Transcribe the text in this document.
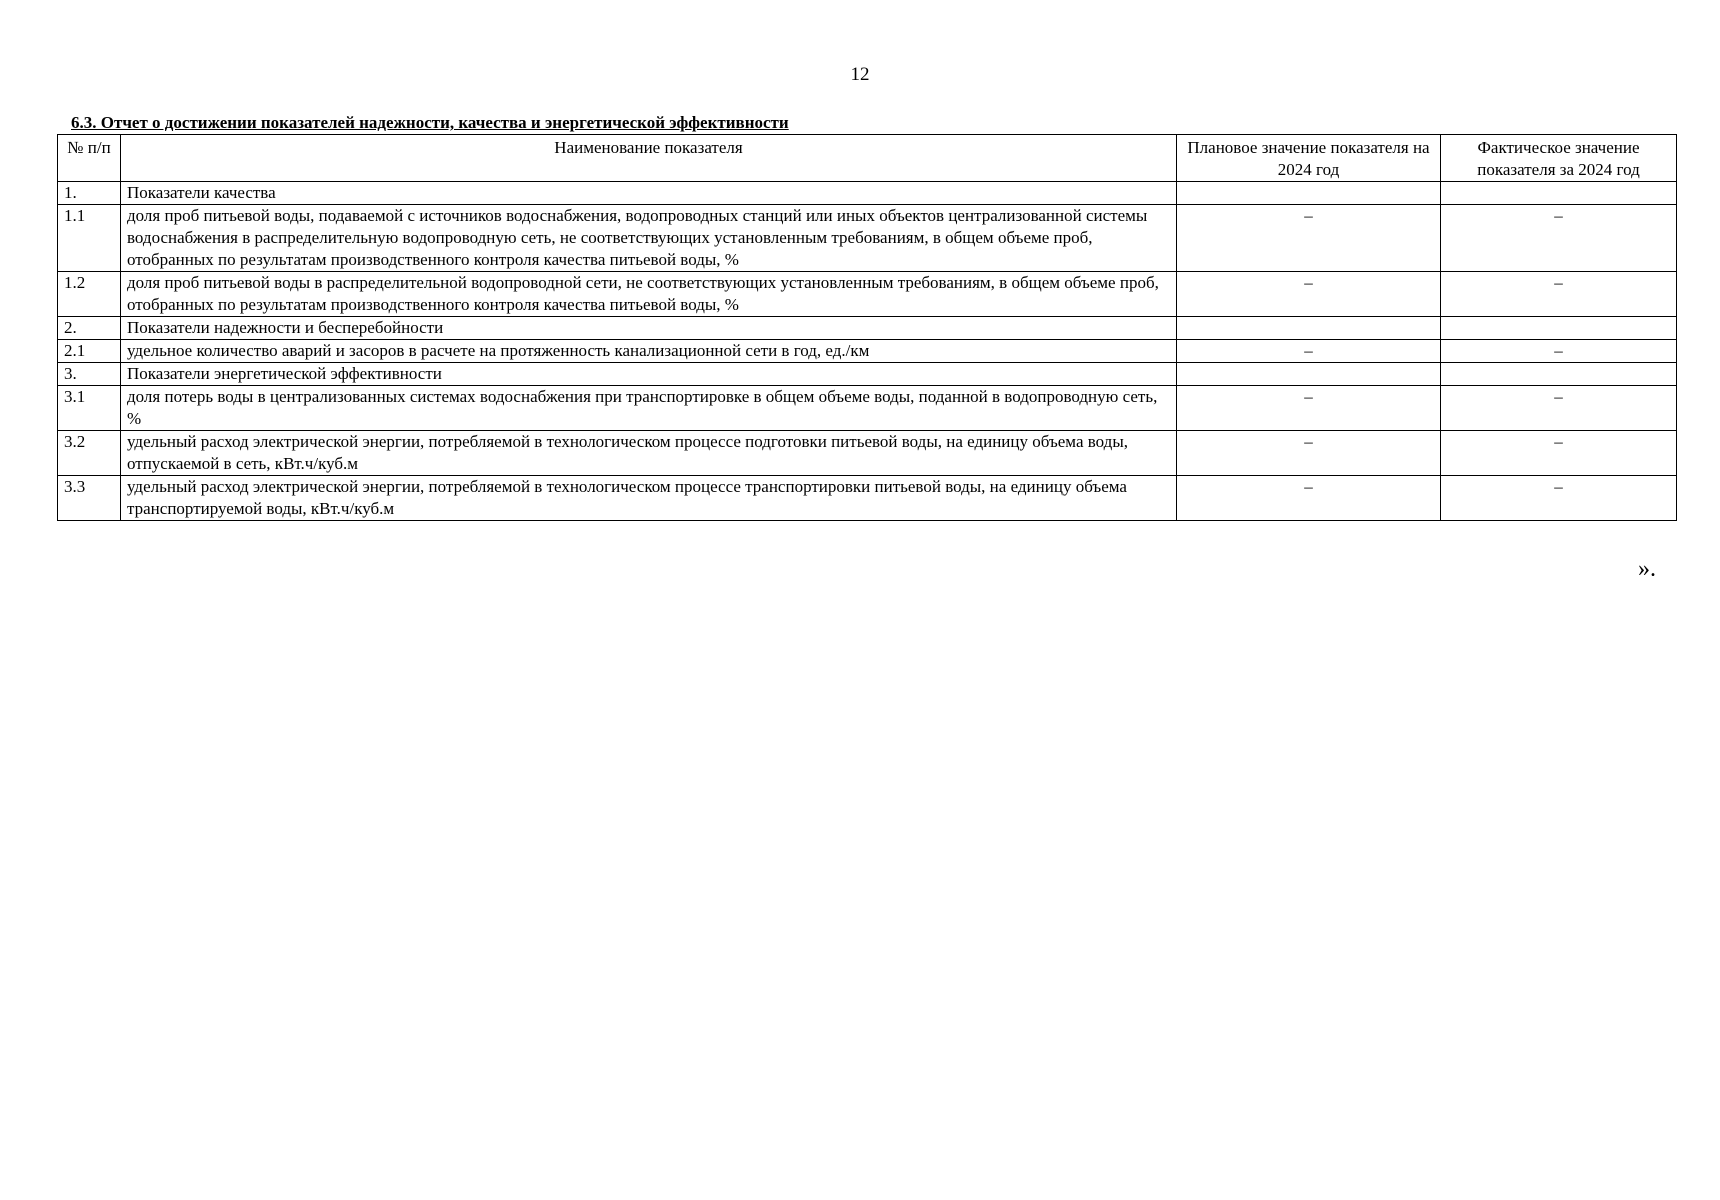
12
6.3. Отчет о достижении показателей надежности, качества и энергетической эффективности
№ п/п	Наименование показателя	Плановое значение показателя на 2024 год	Фактическое значение показателя за 2024 год
1.	Показатели качества		
1.1	доля проб питьевой воды, подаваемой с источников водоснабжения, водопроводных станций или иных объектов централизованной системы водоснабжения в распределительную водопроводную сеть, не соответствующих установленным требованиям, в общем объеме проб, отобранных по результатам производственного контроля качества питьевой воды, %	–	–
1.2	доля проб питьевой воды в распределительной водопроводной сети, не соответствующих установленным требованиям, в общем объеме проб, отобранных по результатам производственного контроля качества питьевой воды, %	–	–
2.	Показатели надежности и бесперебойности		
2.1	удельное количество аварий и засоров в расчете на протяженность канализационной сети в год, ед./км	–	–
3.	Показатели энергетической эффективности		
3.1	доля потерь воды в централизованных системах водоснабжения при транспортировке в общем объеме воды, поданной в водопроводную сеть, %	–	–
3.2	удельный расход электрической энергии, потребляемой в технологическом процессе подготовки питьевой воды, на единицу объема воды, отпускаемой в сеть, кВт.ч/куб.м	–	–
3.3	удельный расход электрической энергии, потребляемой в технологическом процессе транспортировки питьевой воды, на единицу объема транспортируемой воды, кВт.ч/куб.м	–	–
».
